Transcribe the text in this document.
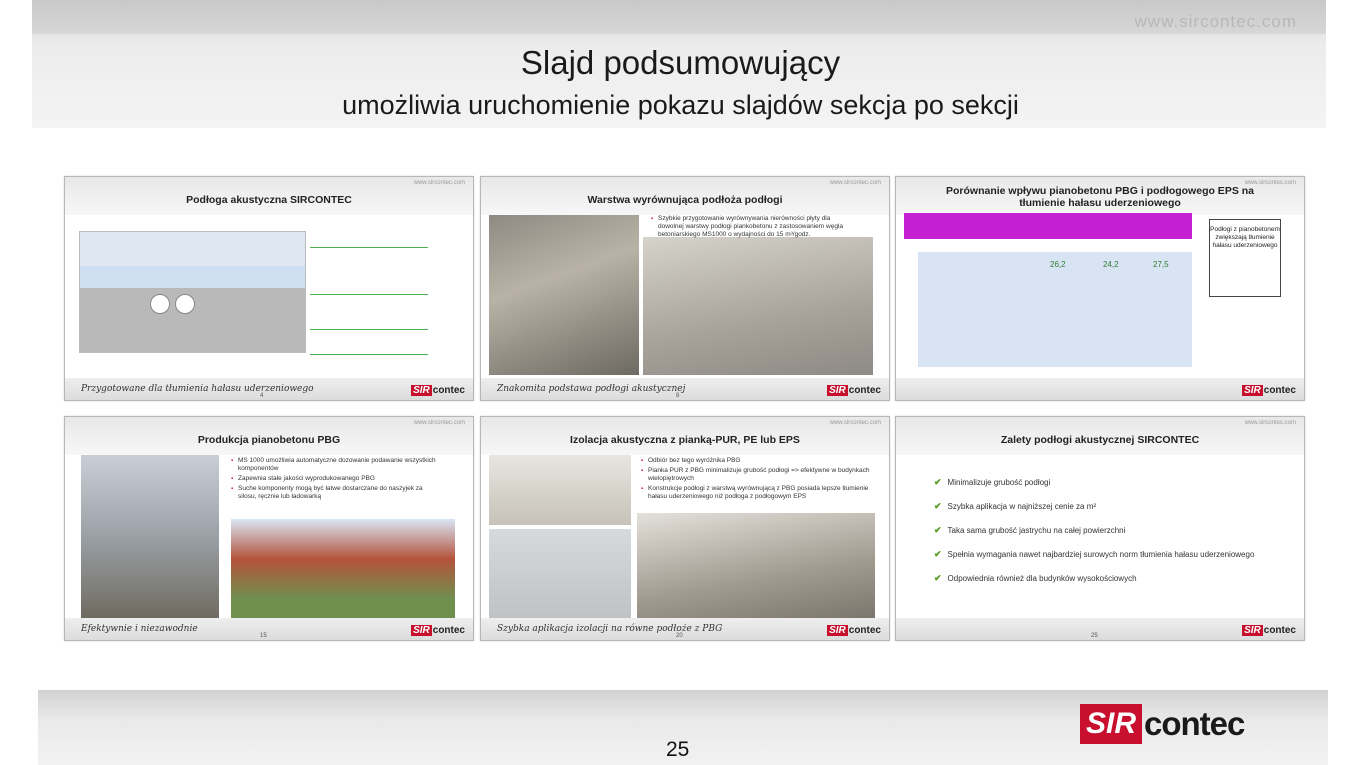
www.sircontec.com
Slajd podsumowujący
umożliwia uruchomienie pokazu slajdów sekcja po sekcji
www.sircontec.com
Podłoga akustyczna SIRCONTEC
Przygotowane dla tłumienia hałasu uderzeniowego
4	SIR contec
www.sircontec.com
Warstwa wyrównująca podłoża podłogi
▪ Szybkie przygotowanie wyrównywania nierówności płyty dla dowolnej warstwy podłogi piankobetonu z zastosowaniem węgla betoniarskiego MS1000 o wydajności do 15 m³/godz.
Znakomita podstawa podłogi akustycznej
8	SIR contec
www.sircontec.com
Porównanie wpływu pianobetonu PBG i podłogowego EPS na tłumienie hałasu uderzeniowego
26,2	24,2	27,5
Podłogi z pianobetonem zwiększają tłumienie hałasu uderzeniowego
SIR contec
www.sircontec.com
Produkcja pianobetonu PBG
▪ MS 1000 umożliwia automatyczne dozowanie podawanie wszystkich komponentów
▪ Zapewnia stałe jakości wyprodukowanego PBG
▪ Suche komponenty mogą być łatwe dostarczane do naszyjek za silosu, ręcznie lub ładowarką
Efektywnie i niezawodnie
15	SIR contec
www.sircontec.com
Izolacja akustyczna z pianką-PUR, PE lub EPS
▪ Odbiór bez tego wyróżnika PBG
▪ Pianka PUR z PBG minimalizuje grubość podłogi => efektywne w budynkach wielopiętrowych
▪ Konstrukcje podłogi z warstwą wyrównującą z PBG posiada lepsze tłumienie hałasu uderzeniowego niż podłoga z podłogowym EPS
Szybka aplikacja izolacji na równe podłoże z PBG
20	SIR contec
www.sircontec.com
Zalety podłogi akustycznej SIRCONTEC
✔ Minimalizuje grubość podłogi
✔ Szybka aplikacja w najniższej cenie za m²
✔ Taka sama grubość jastrychu na całej powierzchni
✔ Spełnia wymagania nawet najbardziej surowych norm tłumienia hałasu uderzeniowego
✔ Odpowiednia również dla budynków wysokościowych
25	SIR contec
25
SIR contec
